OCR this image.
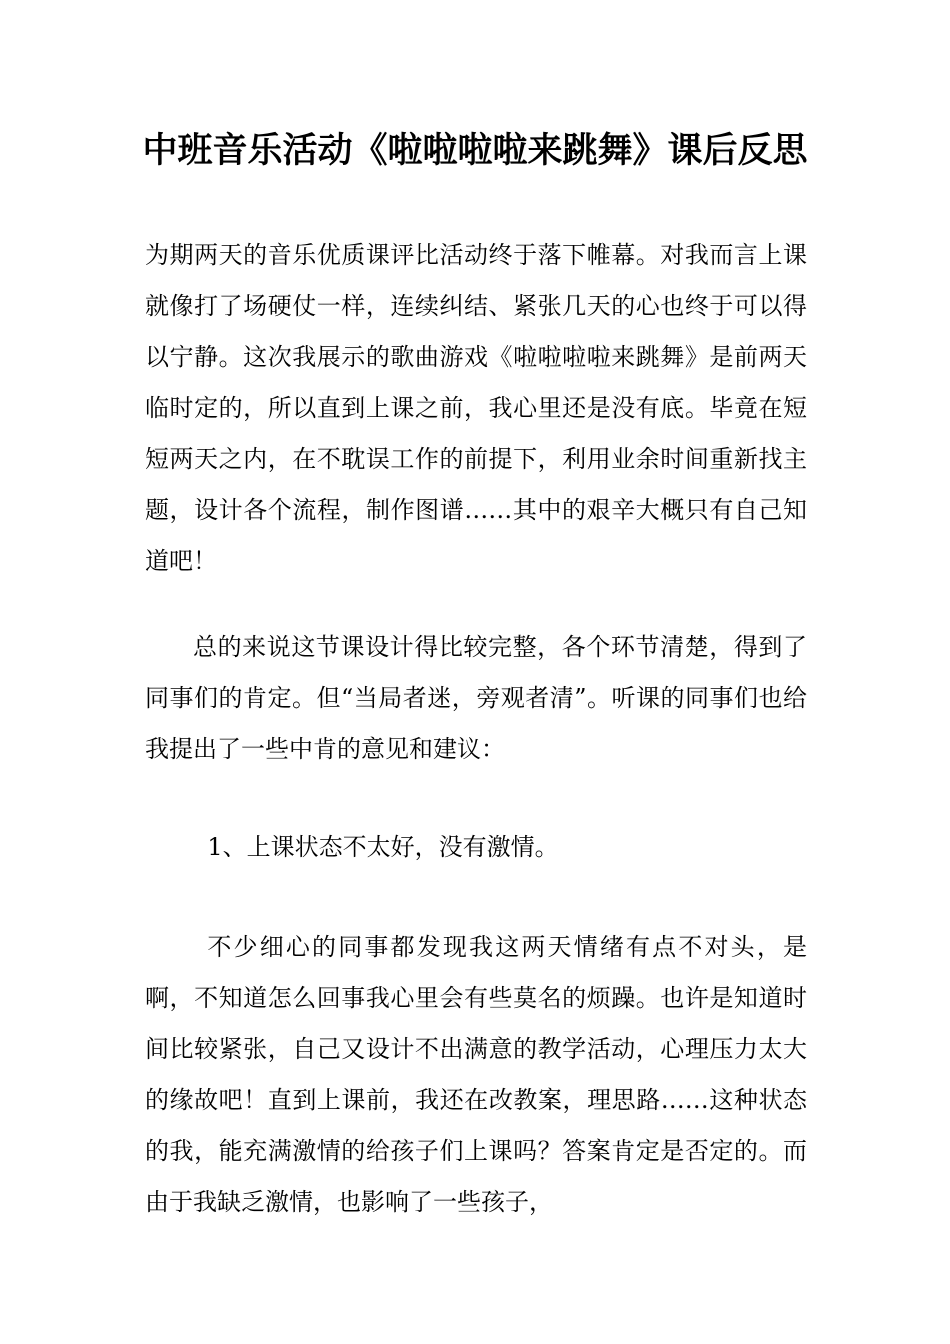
中班音乐活动《啦啦啦啦来跳舞》课后反思

为期两天的音乐优质课评比活动终于落下帷幕。对我而言上课就像打了场硬仗一样，连续纠结、紧张几天的心也终于可以得以宁静。这次我展示的歌曲游戏《啦啦啦啦来跳舞》是前两天临时定的，所以直到上课之前，我心里还是没有底。毕竟在短短两天之内，在不耽误工作的前提下，利用业余时间重新找主题，设计各个流程，制作图谱……其中的艰辛大概只有自己知道吧！

总的来说这节课设计得比较完整，各个环节清楚，得到了同事们的肯定。但“当局者迷，旁观者清”。听课的同事们也给我提出了一些中肯的意见和建议：

1、上课状态不太好，没有激情。

不少细心的同事都发现我这两天情绪有点不对头，是啊，不知道怎么回事我心里会有些莫名的烦躁。也许是知道时间比较紧张，自己又设计不出满意的教学活动，心理压力太大的缘故吧！直到上课前，我还在改教案，理思路……这种状态的我，能充满激情的给孩子们上课吗？答案肯定是否定的。而由于我缺乏激情，也影响了一些孩子，
